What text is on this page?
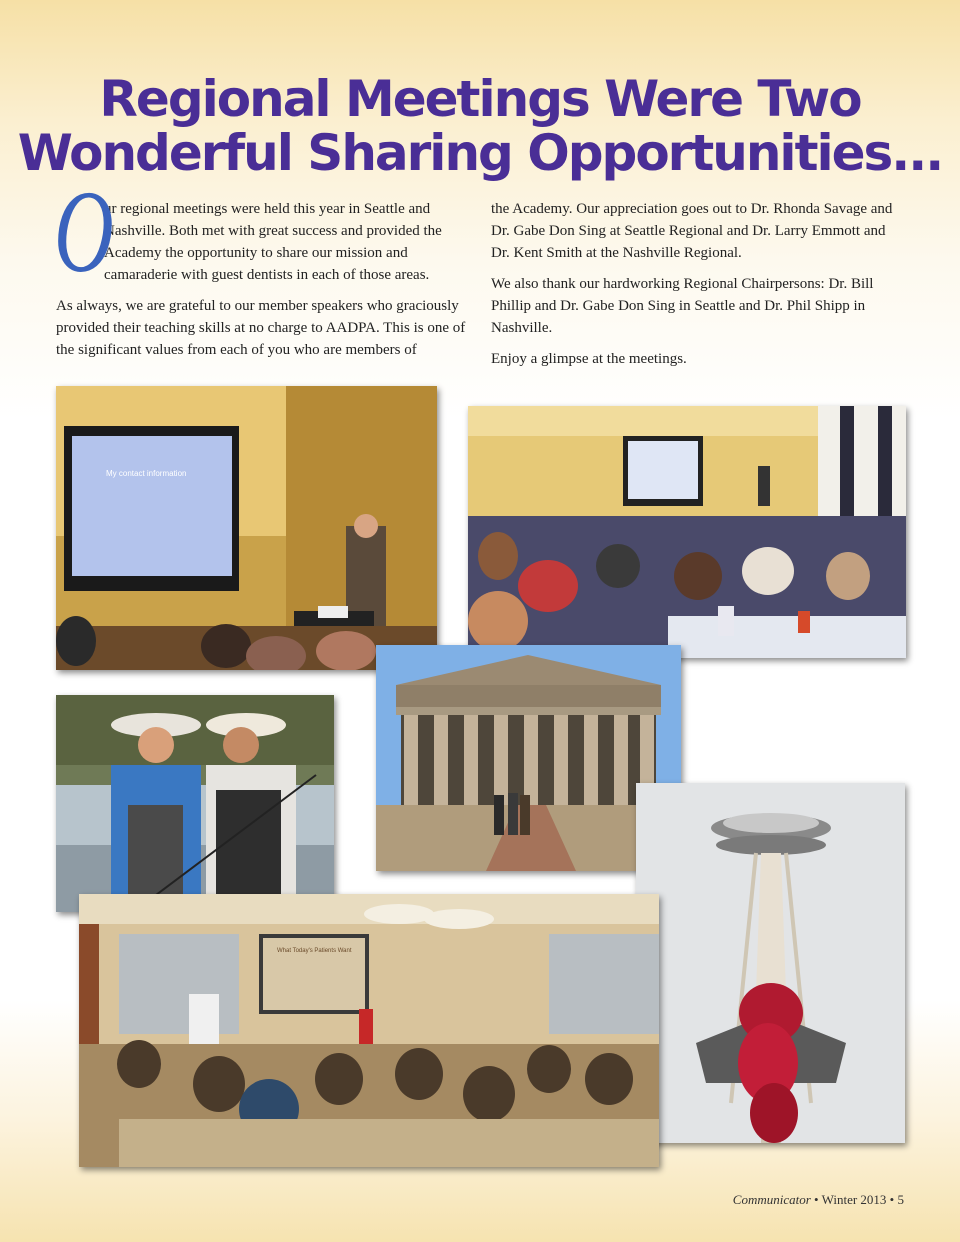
Regional Meetings Were Two
Wonderful Sharing Opportunities...

O
ur regional meetings were held this year in Seattle and Nashville. Both met with great success and provided the Academy the opportunity to share our mission and camaraderie with guest dentists in each of those areas.

As always, we are grateful to our member speakers who graciously provided their teaching skills at no charge to AADPA. This is one of the significant values from each of you who are members of

the Academy. Our appreciation goes out to Dr. Rhonda Savage and Dr. Gabe Don Sing at Seattle Regional and Dr. Larry Emmott and Dr. Kent Smith at the Nashville Regional.

We also thank our hardworking Regional Chairpersons: Dr. Bill Phillip and Dr. Gabe Don Sing in Seattle and Dr. Phil Shipp in Nashville.

Enjoy a glimpse at the meetings.

My contact information
What Today's Patients Want
Communicator • Winter 2013 • 5
